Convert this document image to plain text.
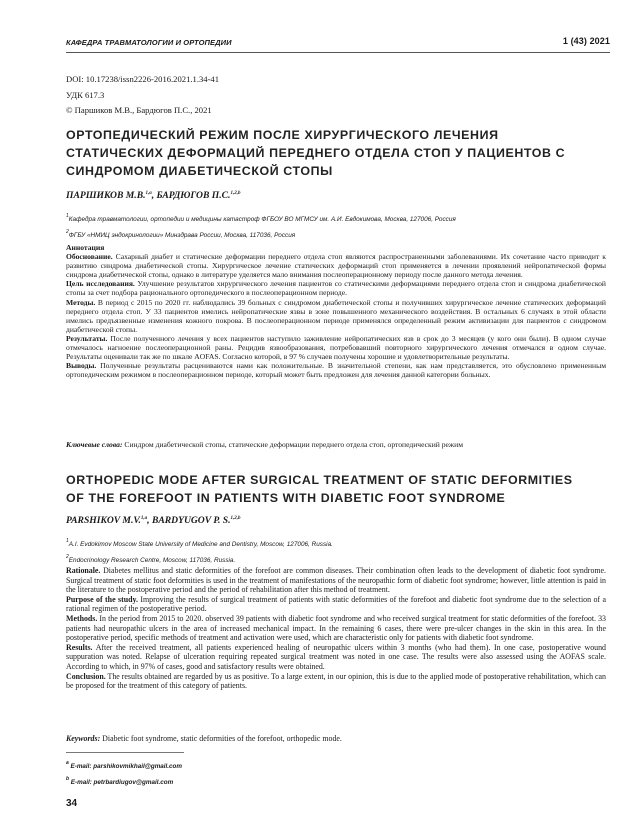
КАФЕДРА ТРАВМАТОЛОГИИ И ОРТОПЕДИИ	1 (43) 2021
DOI: 10.17238/issn2226-2016.2021.1.34-41
УДК 617.3
© Паршиков М.В., Бардюгов П.С., 2021
ОРТОПЕДИЧЕСКИЙ РЕЖИМ ПОСЛЕ ХИРУРГИЧЕСКОГО ЛЕЧЕНИЯ СТАТИЧЕСКИХ ДЕФОРМАЦИЙ ПЕРЕДНЕГО ОТДЕЛА СТОП У ПАЦИЕНТОВ С СИНДРОМОМ ДИАБЕТИЧЕСКОЙ СТОПЫ
ПАРШИКОВ М.В.$^{1,a}$, БАРДЮГОВ П.С.$^{1,2,b}$
$^1$Кафедра травматологии, ортопедии и медицины катастроф ФГБОУ ВО МГМСУ им. А.И. Евдокимова, Москва, 127006, Россия
$^2$ФГБУ «НМИЦ эндокринологии» Минздрава России, Москва, 117036, Россия

Аннотация

Обоснование. Сахарный диабет и статические деформации переднего отдела стоп являются распространенными заболеваниями. Их сочетание часто приводит к развитию синдрома диабетической стопы. Хирургическое лечение статических деформаций стоп применяется в лечении проявлений нейропатической формы синдрома диабетической стопы, однако в литературе уделяется мало внимания послеоперационному периоду после данного метода лечения.

Цель исследования. Улучшение результатов хирургического лечения пациентов со статическими деформациями переднего отдела стоп и синдрома диабетической стопы за счет подбора рационального ортопедического в послеоперационном периоде.

Методы. В период с 2015 по 2020 гг. наблюдались 39 больных с синдромом диабетической стопы и получивших хирургическое лечение статических деформаций переднего отдела стоп. У 33 пациентов имелись нейропатические язвы в зоне повышенного механического воздействия. В остальных 6 случаях в этой области имелись предъязвенные изменения кожного покрова. В послеоперационном периоде применялся определенный режим активизации для пациентов с синдромом диабетической стопы.

Результаты. После полученного лечения у всех пациентов наступило заживление нейропатических язв в срок до 3 месяцев (у кого они были). В одном случае отмечалось нагноение послеоперационной раны. Рецидив язвообразования, потребовавший повторного хирургического лечения отмечался в одном случае. Результаты оценивали так же по шкале AOFAS. Согласно которой, в 97 % случаев получены хорошие и удовлетворительные результаты.

Выводы. Полученные результаты расцениваются нами как положительные. В значительной степени, как нам представляется, это обусловлено примененным ортопедическим режимом в послеоперационном периоде, который может быть предложен для лечения данной категории больных.

Ключевые слова: Синдром диабетической стопы, статические деформации переднего отдела стоп, ортопедический режим
ORTHOPEDIC MODE AFTER SURGICAL TREATMENT OF STATIC DEFORMITIES OF THE FOREFOOT IN PATIENTS WITH DIABETIC FOOT SYNDROME
PARSHIKOV M.V.$^{1,a}$, BARDYUGOV P. S.$^{1,2,b}$
$^1$A.I. Evdokimov Moscow State University of Medicine and Dentistry, Moscow, 127006, Russia.
$^2$Endocrinology Research Centre, Moscow, 117036, Russia.

Rationale. Diabetes mellitus and static deformities of the forefoot are common diseases. Their combination often leads to the development of diabetic foot syndrome. Surgical treatment of static foot deformities is used in the treatment of manifestations of the neuropathic form of diabetic foot syndrome; however, little attention is paid in the literature to the postoperative period and the period of rehabilitation after this method of treatment.

Purpose of the study. Improving the results of surgical treatment of patients with static deformities of the forefoot and diabetic foot syndrome due to the selection of a rational regimen of the postoperative period.

Methods. In the period from 2015 to 2020. observed 39 patients with diabetic foot syndrome and who received surgical treatment for static deformities of the forefoot. 33 patients had neuropathic ulcers in the area of increased mechanical impact. In the remaining 6 cases, there were pre-ulcer changes in the skin in this area. In the postoperative period, specific methods of treatment and activation were used, which are characteristic only for patients with diabetic foot syndrome.

Results. After the received treatment, all patients experienced healing of neuropathic ulcers within 3 months (who had them). In one case, postoperative wound suppuration was noted. Relapse of ulceration requiring repeated surgical treatment was noted in one case. The results were also assessed using the AOFAS scale. According to which, in 97% of cases, good and satisfactory results were obtained.

Conclusion. The results obtained are regarded by us as positive. To a large extent, in our opinion, this is due to the applied mode of postoperative rehabilitation, which can be proposed for the treatment of this category of patients.

Keywords: Diabetic foot syndrome, static deformities of the forefoot, orthopedic mode.
$^a$ E-mail: parshikovmikhail@gmail.com
$^b$ E-mail: petrbardiugov@gmail.com
34
